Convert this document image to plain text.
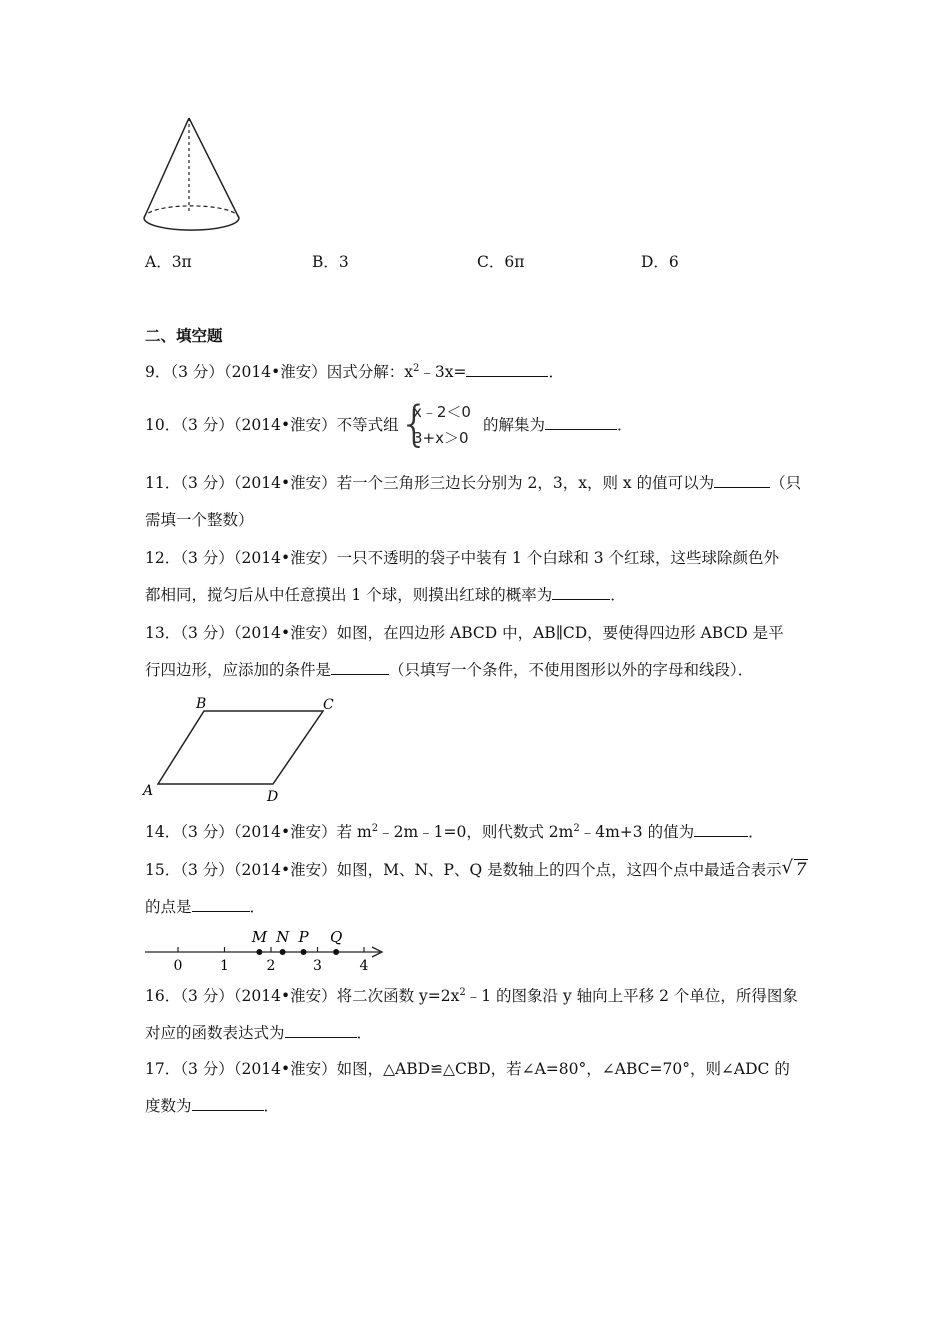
A．3π	B．3	C．6π	D．6
二、填空题
9．（3 分）（2014•淮安）因式分解：$x^2﹣3x=$	．
10．（3 分）（2014•淮安）不等式组 {
x﹣2＜0
3+x＞0
的解集为	．
11．（3 分）（2014•淮安）若一个三角形三边长分别为 2，3，x，则 x 的值可以为	（只
需填一个整数）
12．（3 分）（2014•淮安）一只不透明的袋子中装有 1 个白球和 3 个红球，这些球除颜色外
都相同，搅匀后从中任意摸出 1 个球，则摸出红球的概率为	．
13．（3 分）（2014•淮安）如图，在四边形 ABCD 中，AB∥CD，要使得四边形 ABCD 是平
行四边形，应添加的条件是	（只填写一个条件，不使用图形以外的字母和线段）．
B	C
A	D
14．（3 分）（2014•淮安）若 $m^2﹣2m﹣1=0$，则代数式 $2m^2﹣4m+3$ 的值为	．
15．（3 分）（2014•淮安）如图，M、N、P、Q 是数轴上的四个点，这四个点中最适合表示√ 7
的点是	．
0	1	2	3	4
M N P Q
16．（3 分）（2014•淮安）将二次函数 $y=2x^2﹣1$ 的图象沿 y 轴向上平移 2 个单位，所得图象
对应的函数表达式为	．
17．（3 分）（2014•淮安）如图，△ABD≌△CBD，若∠A=80°，∠ABC=70°，则∠ADC 的
度数为	．
